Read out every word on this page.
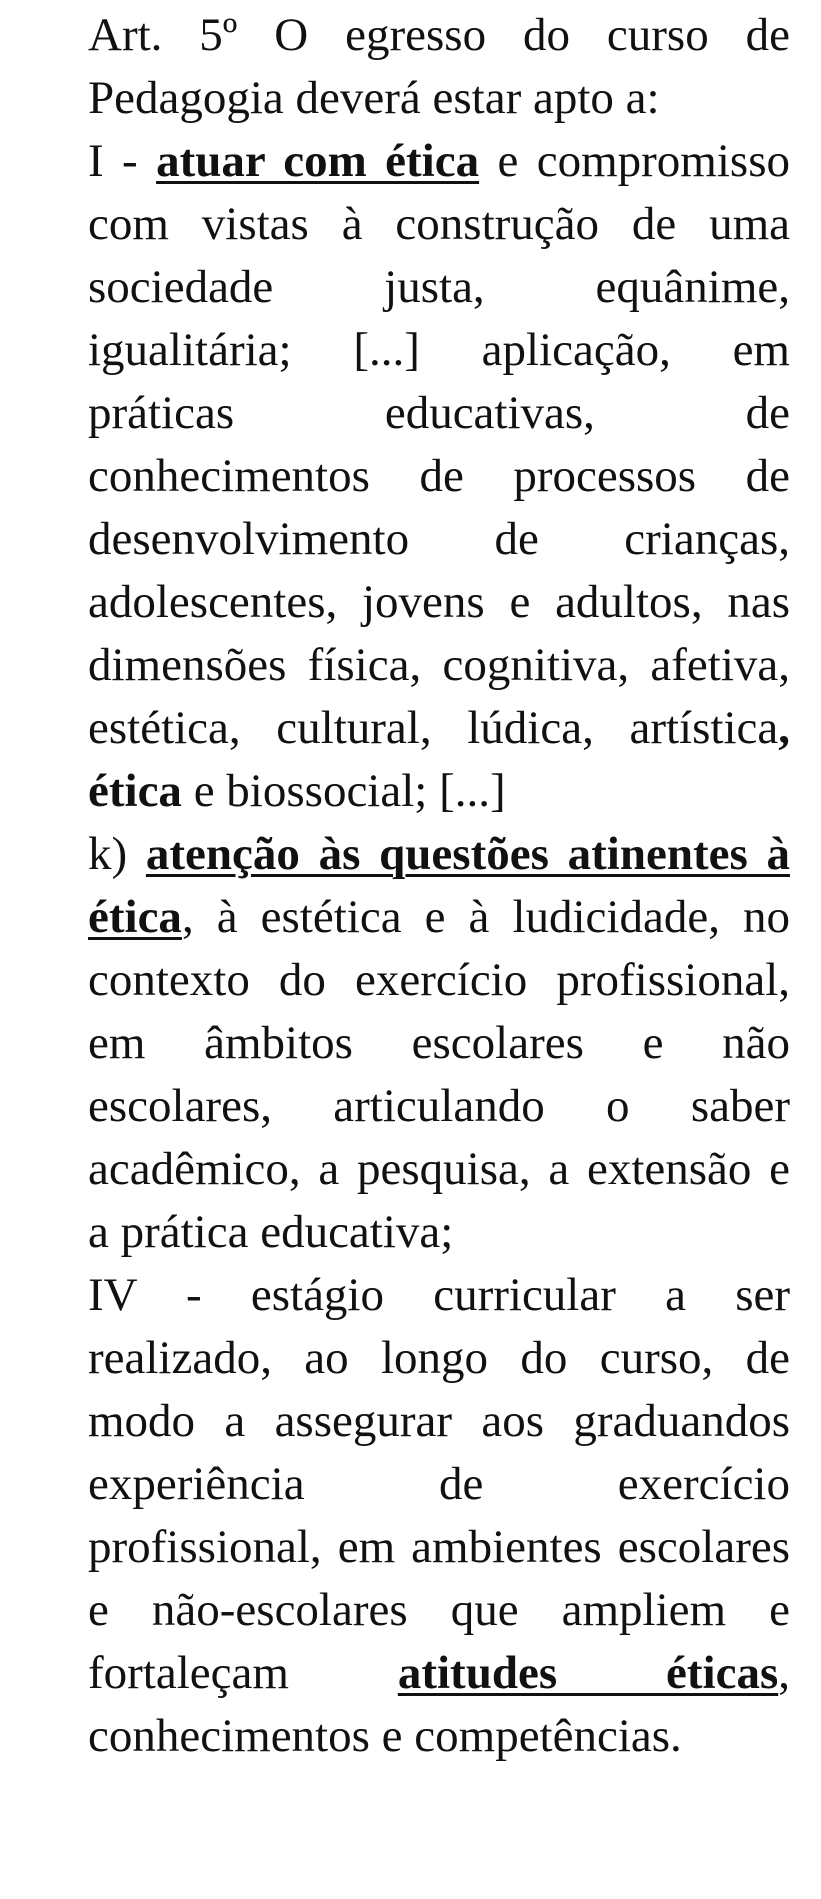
Art. 5º O egresso do curso de Pedagogia deverá estar apto a:

I - atuar com ética e compromisso com vistas à construção de uma sociedade justa, equânime, igualitária; [...] aplicação, em práticas educativas, de conhecimentos de processos de desenvolvimento de crianças, adolescentes, jovens e adultos, nas dimensões física, cognitiva, afetiva, estética, cultural, lúdica, artística, ética e biossocial; [...]

k) atenção às questões atinentes à ética, à estética e à ludicidade, no contexto do exercício profissional, em âmbitos escolares e não escolares, articulando o saber acadêmico, a pesquisa, a extensão e a prática educativa;

IV - estágio curricular a ser realizado, ao longo do curso, de modo a assegurar aos graduandos experiência de exercício profissional, em ambientes escolares e não-escolares que ampliem e fortaleçam atitudes éticas, conhecimentos e competências.
